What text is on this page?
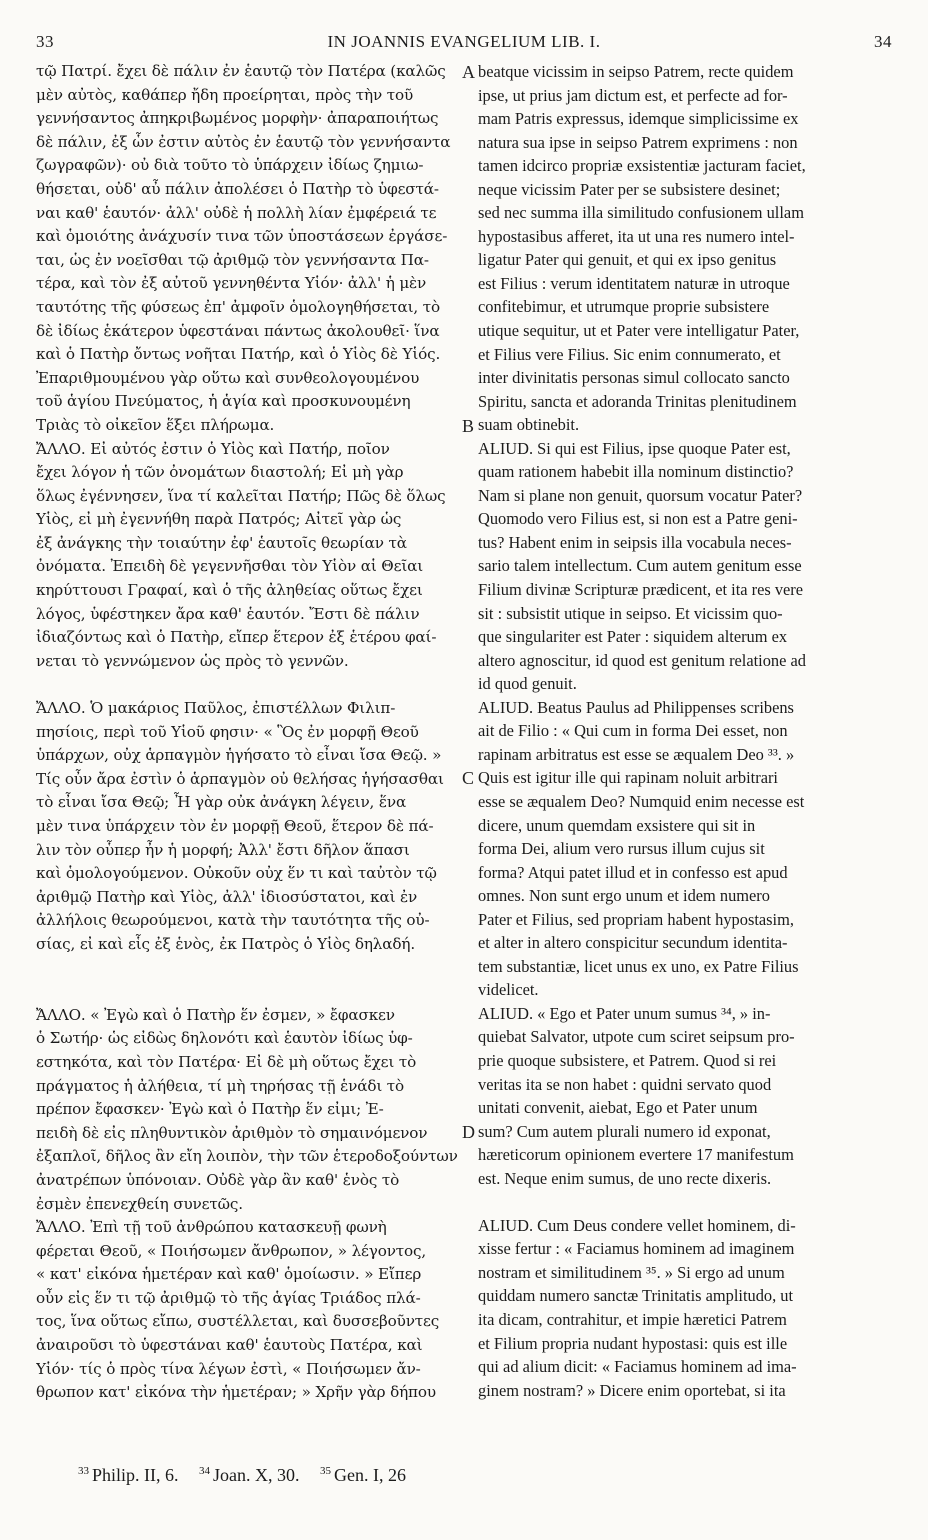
33	IN JOANNIS EVANGELIUM LIB. I.	34
τῷ Πατρί. ἔχει δὲ πάλιν ἐν ἑαυτῷ τὸν Πατέρα (καλῶς
μὲν αὐτὸς, καθάπερ ἤδη προείρηται, πρὸς τὴν τοῦ
γεννήσαντος ἀπηκριβωμένος μορφὴν· ἀπαραποιήτως
δὲ πάλιν, ἐξ ὧν ἐστιν αὐτὸς ἐν ἑαυτῷ τὸν γεννήσαντα
ζωγραφῶν)· οὐ διὰ τοῦτο τὸ ὑπάρχειν ἰδίως ζημιω-
θήσεται, οὐδ' αὖ πάλιν ἀπολέσει ὁ Πατὴρ τὸ ὑφεστά-
ναι καθ' ἑαυτόν· ἀλλ' οὐδὲ ἡ πολλὴ λίαν ἐμφέρειά τε
καὶ ὁμοιότης ἀνάχυσίν τινα τῶν ὑποστάσεων ἐργάσε-
ται, ὡς ἐν νοεῖσθαι τῷ ἀριθμῷ τὸν γεννήσαντα Πα-
τέρα, καὶ τὸν ἐξ αὐτοῦ γεννηθέντα Υἱόν· ἀλλ' ἡ μὲν
ταυτότης τῆς φύσεως ἐπ' ἀμφοῖν ὁμολογηθήσεται, τὸ
δὲ ἰδίως ἑκάτερον ὑφεστάναι πάντως ἀκολουθεῖ· ἵνα
καὶ ὁ Πατὴρ ὄντως νοῆται Πατήρ, καὶ ὁ Υἱὸς δὲ Υἱός.
Ἐπαριθμουμένου γὰρ οὕτω καὶ συνθεολογουμένου
τοῦ ἁγίου Πνεύματος, ἡ ἁγία καὶ προσκυνουμένη
Τριὰς τὸ οἰκεῖον ἕξει πλήρωμα.
ἌΛΛΟ. Εἰ αὐτός ἐστιν ὁ Υἱὸς καὶ Πατήρ, ποῖον
ἔχει λόγον ἡ τῶν ὀνομάτων διαστολή; Εἰ μὴ γὰρ
ὅλως ἐγέννησεν, ἵνα τί καλεῖται Πατήρ; Πῶς δὲ ὅλως
Υἱὸς, εἰ μὴ ἐγεννήθη παρὰ Πατρός; Αἰτεῖ γὰρ ὡς
ἐξ ἀνάγκης τὴν τοιαύτην ἐφ' ἑαυτοῖς θεωρίαν τὰ
ὀνόματα. Ἐπειδὴ δὲ γεγεννῆσθαι τὸν Υἱὸν αἱ Θεῖαι
κηρύττουσι Γραφαί, καὶ ὁ τῆς ἀληθείας οὕτως ἔχει
λόγος, ὑφέστηκεν ἄρα καθ' ἑαυτόν. Ἔστι δὲ πάλιν
ἰδιαζόντως καὶ ὁ Πατὴρ, εἴπερ ἕτερον ἐξ ἑτέρου φαί-
νεται τὸ γεννώμενον ὡς πρὸς τὸ γεννῶν.
ἌΛΛΟ. Ὁ μακάριος Παῦλος, ἐπιστέλλων Φιλιπ-
πησίοις, περὶ τοῦ Υἱοῦ φησιν· « Ὃς ἐν μορφῇ Θεοῦ
ὑπάρχων, οὐχ ἁρπαγμὸν ἡγήσατο τὸ εἶναι ἴσα Θεῷ. »
Τίς οὖν ἄρα ἐστὶν ὁ ἁρπαγμὸν οὐ θελήσας ἡγήσασθαι
τὸ εἶναι ἴσα Θεῷ; Ἦ γὰρ οὐκ ἀνάγκη λέγειν, ἕνα
μὲν τινα ὑπάρχειν τὸν ἐν μορφῇ Θεοῦ, ἕτερον δὲ πά-
λιν τὸν οὗπερ ἦν ἡ μορφή; Ἀλλ' ἔστι δῆλον ἅπασι
καὶ ὁμολογούμενον. Οὐκοῦν οὐχ ἕν τι καὶ ταὐτὸν τῷ
ἀριθμῷ Πατὴρ καὶ Υἱὸς, ἀλλ' ἰδιοσύστατοι, καὶ ἐν
ἀλλήλοις θεωρούμενοι, κατὰ τὴν ταυτότητα τῆς οὐ-
σίας, εἰ καὶ εἷς ἐξ ἑνὸς, ἐκ Πατρὸς ὁ Υἱὸς δηλαδή.
ἌΛΛΟ. « Ἐγὼ καὶ ὁ Πατὴρ ἕν ἐσμεν, » ἔφασκεν
ὁ Σωτήρ· ὡς εἰδὼς δηλονότι καὶ ἑαυτὸν ἰδίως ὑφ-
εστηκότα, καὶ τὸν Πατέρα· Εἰ δὲ μὴ οὕτως ἔχει τὸ
πράγματος ἡ ἀλήθεια, τί μὴ τηρήσας τῇ ἑνάδι τὸ
πρέπον ἔφασκεν· Ἐγὼ καὶ ὁ Πατὴρ ἕν εἰμι; Ἐ-
πειδὴ δὲ εἰς πληθυντικὸν ἀριθμὸν τὸ σημαινόμενον
ἐξαπλοῖ, δῆλος ἂν εἴη λοιπὸν, τὴν τῶν ἑτεροδοξούντων
ἀνατρέπων ὑπόνοιαν. Οὐδὲ γὰρ ἂν καθ' ἑνὸς τὸ
ἐσμὲν ἐπενεχθείη συνετῶς.
ἌΛΛΟ. Ἐπὶ τῇ τοῦ ἀνθρώπου κατασκευῇ φωνὴ
φέρεται Θεοῦ, « Ποιήσωμεν ἄνθρωπον, » λέγοντος,
« κατ' εἰκόνα ἡμετέραν καὶ καθ' ὁμοίωσιν. » Εἴπερ
οὖν εἰς ἕν τι τῷ ἀριθμῷ τὸ τῆς ἁγίας Τριάδος πλά-
τος, ἵνα οὕτως εἴπω, συστέλλεται, καὶ δυσσεβοῦντες
ἀναιροῦσι τὸ ὑφεστάναι καθ' ἑαυτοὺς Πατέρα, καὶ
Υἱόν· τίς ὁ πρὸς τίνα λέγων ἐστὶ, « Ποιήσωμεν ἄν-
θρωπον κατ' εἰκόνα τὴν ἡμετέραν; » Χρῆν γὰρ δήπου
beatque vicissim in seipso Patrem, recte quidem
ipse, ut prius jam dictum est, et perfecte ad for-
mam Patris expressus, idemque simplicissime ex
natura sua ipse in seipso Patrem exprimens : non
tamen idcirco propriæ exsistentiæ jacturam faciet,
neque vicissim Pater per se subsistere desinet;
sed nec summa illa similitudo confusionem ullam
hypostasibus afferet, ita ut una res numero intel-
ligatur Pater qui genuit, et qui ex ipso genitus
est Filius : verum identitatem naturæ in utroque
confitebimur, et utrumque proprie subsistere
utique sequitur, ut et Pater vere intelligatur Pater,
et Filius vere Filius. Sic enim connumerato, et
inter divinitatis personas simul collocato sancto
Spiritu, sancta et adoranda Trinitas plenitudinem
suam obtinebit.
ALIUD. Si qui est Filius, ipse quoque Pater est,
quam rationem habebit illa nominum distinctio?
Nam si plane non genuit, quorsum vocatur Pater?
Quomodo vero Filius est, si non est a Patre geni-
tus? Habent enim in seipsis illa vocabula neces-
sario talem intellectum. Cum autem genitum esse
Filium divinæ Scripturæ prædicent, et ita res vere
sit : subsistit utique in seipso. Et vicissim quo-
que singulariter est Pater : siquidem alterum ex
altero agnoscitur, id quod est genitum relatione ad
id quod genuit.
ALIUD. Beatus Paulus ad Philippenses scribens
ait de Filio : « Qui cum in forma Dei esset, non
rapinam arbitratus est esse se æqualem Deo ³³. »
Quis est igitur ille qui rapinam noluit arbitrari
esse se æqualem Deo? Numquid enim necesse est
dicere, unum quemdam exsistere qui sit in
forma Dei, alium vero rursus illum cujus sit
forma? Atqui patet illud et in confesso est apud
omnes. Non sunt ergo unum et idem numero
Pater et Filius, sed propriam habent hypostasim,
et alter in altero conspicitur secundum identita-
tem substantiæ, licet unus ex uno, ex Patre Filius
videlicet.
ALIUD. « Ego et Pater unum sumus ³⁴, » in-
quiebat Salvator, utpote cum sciret seipsum pro-
prie quoque subsistere, et Patrem. Quod si rei
veritas ita se non habet : quidni servato quod
unitati convenit, aiebat, Ego et Pater unum
sum? Cum autem plurali numero id exponat,
hæreticorum opinionem evertere 17 manifestum
est. Neque enim sumus, de uno recte dixeris.
ALIUD. Cum Deus condere vellet hominem, di-
xisse fertur : « Faciamus hominem ad imaginem
nostram et similitudinem ³⁵. » Si ergo ad unum
quiddam numero sanctæ Trinitatis amplitudo, ut
ita dicam, contrahitur, et impie hæretici Patrem
et Filium propria nudant hypostasi: quis est ille
qui ad alium dicit: « Faciamus hominem ad ima-
ginem nostram? » Dicere enim oportebat, si ita
A
B
C
D
$^{33}$ Philip. II, 6. $^{34}$ Joan. X, 30. $^{35}$ Gen. I, 26
